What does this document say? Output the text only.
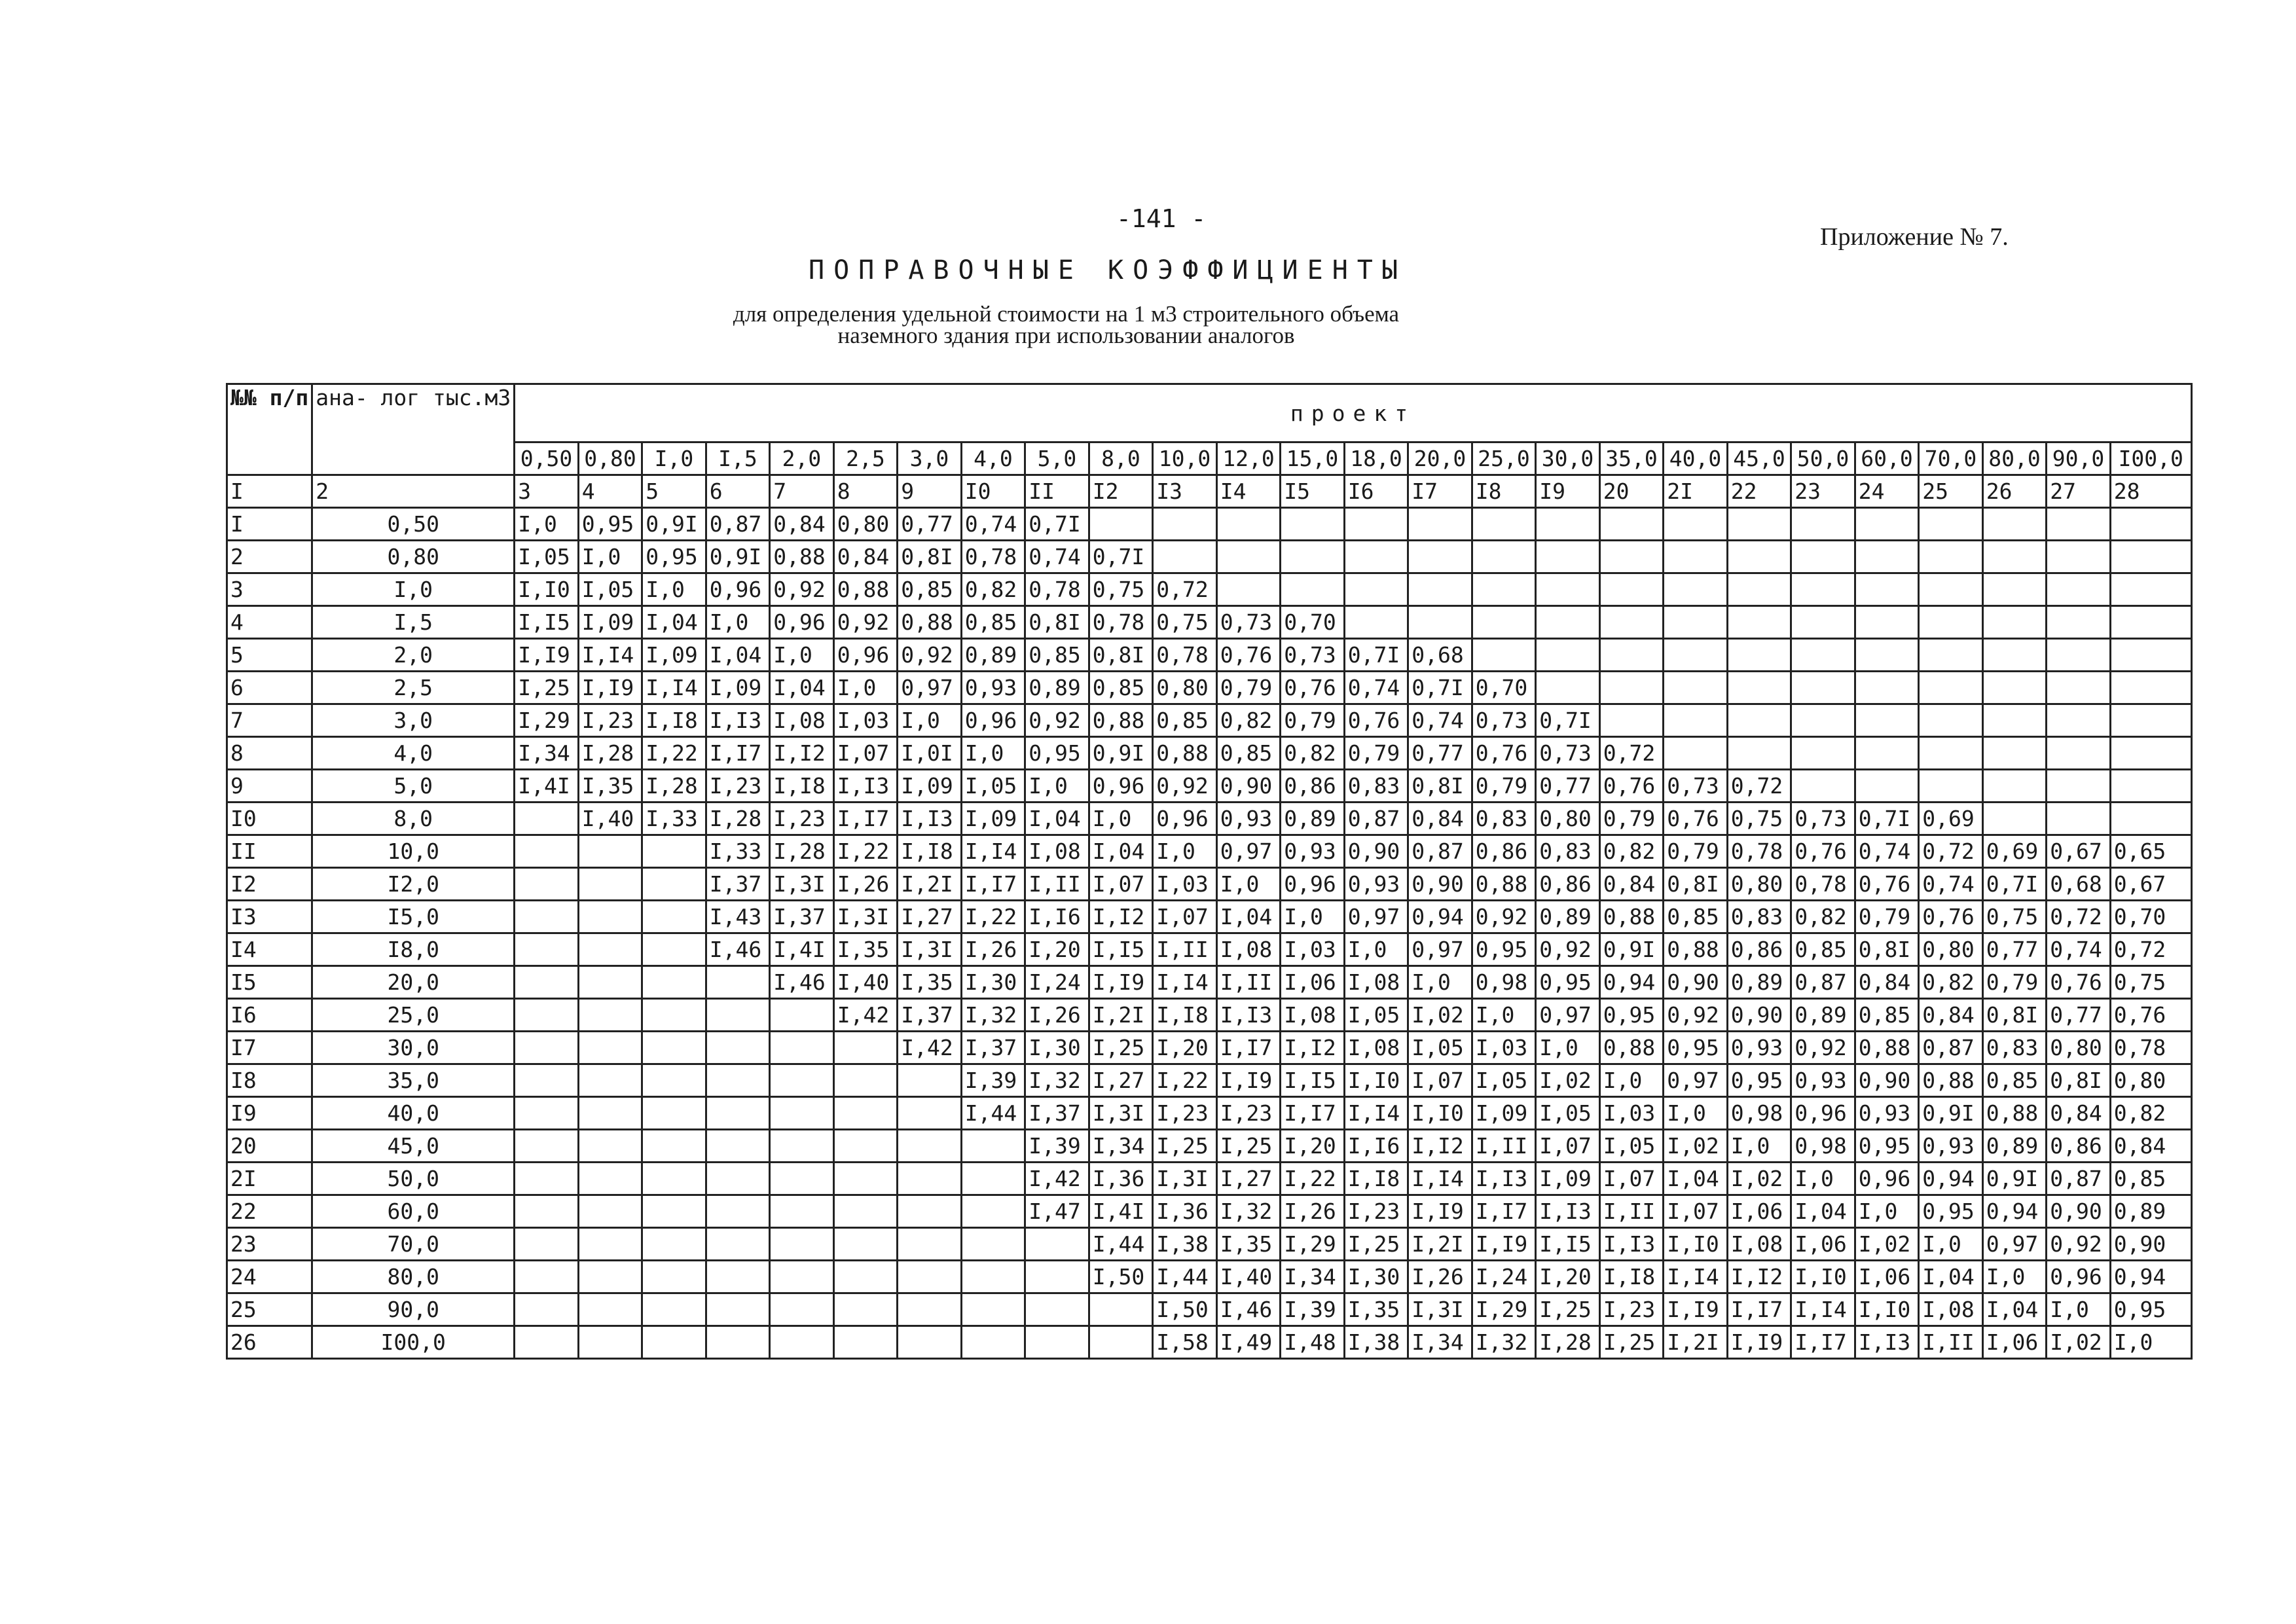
-141 -
Приложение № 7.
ПОПРАВОЧНЫЕ КОЭФФИЦИЕНТЫ
для определения удельной стоимости на 1 м3 строительного объема
наземного здания при использовании аналогов
№№ п/п	ана- лог тыс.м3	проект																									
		0,50	0,80	I,0	I,5	2,0	2,5	3,0	4,0	5,0	8,0	10,0	12,0	15,0	18,0	20,0	25,0	30,0	35,0	40,0	45,0	50,0	60,0	70,0	80,0	90,0	I00,0
I	2	3	4	5	6	7	8	9	I0	II	I2	I3	I4	I5	I6	I7	I8	I9	20	2I	22	23	24	25	26	27	28
I	0,50	I,0	0,95	0,9I	0,87	0,84	0,80	0,77	0,74	0,7I																	
2	0,80	I,05	I,0	0,95	0,9I	0,88	0,84	0,8I	0,78	0,74	0,7I																
3	I,0	I,I0	I,05	I,0	0,96	0,92	0,88	0,85	0,82	0,78	0,75	0,72															
4	I,5	I,I5	I,09	I,04	I,0	0,96	0,92	0,88	0,85	0,8I	0,78	0,75	0,73	0,70													
5	2,0	I,I9	I,I4	I,09	I,04	I,0	0,96	0,92	0,89	0,85	0,8I	0,78	0,76	0,73	0,7I	0,68											
6	2,5	I,25	I,I9	I,I4	I,09	I,04	I,0	0,97	0,93	0,89	0,85	0,80	0,79	0,76	0,74	0,7I	0,70										
7	3,0	I,29	I,23	I,I8	I,I3	I,08	I,03	I,0	0,96	0,92	0,88	0,85	0,82	0,79	0,76	0,74	0,73	0,7I									
8	4,0	I,34	I,28	I,22	I,I7	I,I2	I,07	I,0I	I,0	0,95	0,9I	0,88	0,85	0,82	0,79	0,77	0,76	0,73	0,72								
9	5,0	I,4I	I,35	I,28	I,23	I,I8	I,I3	I,09	I,05	I,0	0,96	0,92	0,90	0,86	0,83	0,8I	0,79	0,77	0,76	0,73	0,72						
I0	8,0		I,40	I,33	I,28	I,23	I,I7	I,I3	I,09	I,04	I,0	0,96	0,93	0,89	0,87	0,84	0,83	0,80	0,79	0,76	0,75	0,73	0,7I	0,69			
II	10,0				I,33	I,28	I,22	I,I8	I,I4	I,08	I,04	I,0	0,97	0,93	0,90	0,87	0,86	0,83	0,82	0,79	0,78	0,76	0,74	0,72	0,69	0,67	0,65
I2	I2,0				I,37	I,3I	I,26	I,2I	I,I7	I,II	I,07	I,03	I,0	0,96	0,93	0,90	0,88	0,86	0,84	0,8I	0,80	0,78	0,76	0,74	0,7I	0,68	0,67
I3	I5,0				I,43	I,37	I,3I	I,27	I,22	I,I6	I,I2	I,07	I,04	I,0	0,97	0,94	0,92	0,89	0,88	0,85	0,83	0,82	0,79	0,76	0,75	0,72	0,70
I4	I8,0				I,46	I,4I	I,35	I,3I	I,26	I,20	I,I5	I,II	I,08	I,03	I,0	0,97	0,95	0,92	0,9I	0,88	0,86	0,85	0,8I	0,80	0,77	0,74	0,72
I5	20,0					I,46	I,40	I,35	I,30	I,24	I,I9	I,I4	I,II	I,06	I,08	I,0	0,98	0,95	0,94	0,90	0,89	0,87	0,84	0,82	0,79	0,76	0,75
I6	25,0						I,42	I,37	I,32	I,26	I,2I	I,I8	I,I3	I,08	I,05	I,02	I,0	0,97	0,95	0,92	0,90	0,89	0,85	0,84	0,8I	0,77	0,76
I7	30,0							I,42	I,37	I,30	I,25	I,20	I,I7	I,I2	I,08	I,05	I,03	I,0	0,88	0,95	0,93	0,92	0,88	0,87	0,83	0,80	0,78
I8	35,0								I,39	I,32	I,27	I,22	I,I9	I,I5	I,I0	I,07	I,05	I,02	I,0	0,97	0,95	0,93	0,90	0,88	0,85	0,8I	0,80
I9	40,0								I,44	I,37	I,3I	I,23	I,23	I,I7	I,I4	I,I0	I,09	I,05	I,03	I,0	0,98	0,96	0,93	0,9I	0,88	0,84	0,82
20	45,0									I,39	I,34	I,25	I,25	I,20	I,I6	I,I2	I,II	I,07	I,05	I,02	I,0	0,98	0,95	0,93	0,89	0,86	0,84
2I	50,0									I,42	I,36	I,3I	I,27	I,22	I,I8	I,I4	I,I3	I,09	I,07	I,04	I,02	I,0	0,96	0,94	0,9I	0,87	0,85
22	60,0									I,47	I,4I	I,36	I,32	I,26	I,23	I,I9	I,I7	I,I3	I,II	I,07	I,06	I,04	I,0	0,95	0,94	0,90	0,89
23	70,0										I,44	I,38	I,35	I,29	I,25	I,2I	I,I9	I,I5	I,I3	I,I0	I,08	I,06	I,02	I,0	0,97	0,92	0,90
24	80,0										I,50	I,44	I,40	I,34	I,30	I,26	I,24	I,20	I,I8	I,I4	I,I2	I,I0	I,06	I,04	I,0	0,96	0,94
25	90,0											I,50	I,46	I,39	I,35	I,3I	I,29	I,25	I,23	I,I9	I,I7	I,I4	I,I0	I,08	I,04	I,0	0,95
26	I00,0											I,58	I,49	I,48	I,38	I,34	I,32	I,28	I,25	I,2I	I,I9	I,I7	I,I3	I,II	I,06	I,02	I,0
